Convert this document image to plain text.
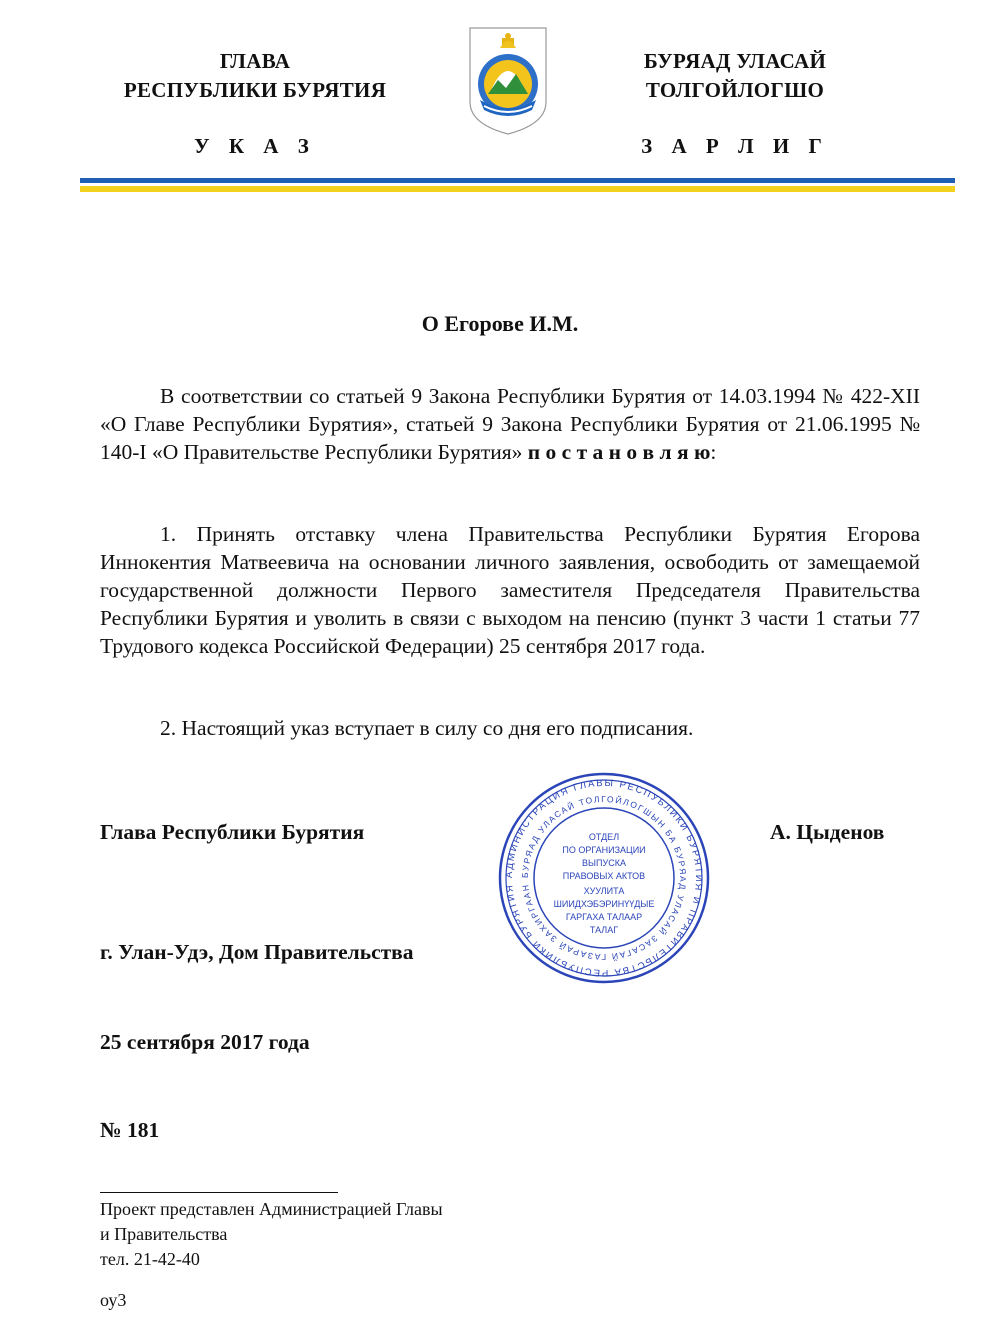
ГЛАВА
РЕСПУБЛИКИ БУРЯТИЯ
У К А З
БУРЯАД УЛАСАЙ
ТОЛГОЙЛОГШО
З А Р Л И Г
О Егорове И.М.
В соответствии со статьей 9 Закона Республики Бурятия от 14.03.1994 № 422-XII «О Главе Республики Бурятия», статьей 9 Закона Республики Бурятия от 21.06.1995 № 140-I «О Правительстве Республики Бурятия» п о с т а н о в л я ю:
1. Принять отставку члена Правительства Республики Бурятия Егорова Иннокентия Матвеевича на основании личного заявления, освободить от замещаемой государственной должности Первого заместителя Председателя Правительства Республики Бурятия и уволить в связи с выходом на пенсию (пункт 3 части 1 статьи 77 Трудового кодекса Российской Федерации) 25 сентября 2017 года.
2. Настоящий указ вступает в силу со дня его подписания.
Глава Республики Бурятия	А. Цыденов
АДМИНИСТРАЦИЯ ГЛАВЫ РЕСПУБЛИКИ БУРЯТИЯ И ПРАВИТЕЛЬСТВА РЕСПУБЛИКИ БУРЯТИЯ
БУРЯАД УЛАСАЙ ТОЛГОЙЛОГШЫН БА БУРЯАД УЛАСАЙ ЗАСАГАЙ ГАЗАРАЙ ЗАХИРГААН
ОТДЕЛ
ПО ОРГАНИЗАЦИИ
ВЫПУСКА
ПРАВОВЫХ АКТОВ
ХУУЛИТА
ШИИДХЭБЭРИНҮҮДЫЕ
ГАРГАХА ТАЛААР
ТАЛАГ
г. Улан-Удэ, Дом Правительства
25 сентября 2017 года
№ 181
Проект представлен Администрацией Главы
и Правительства
тел. 21-42-40
оу3
